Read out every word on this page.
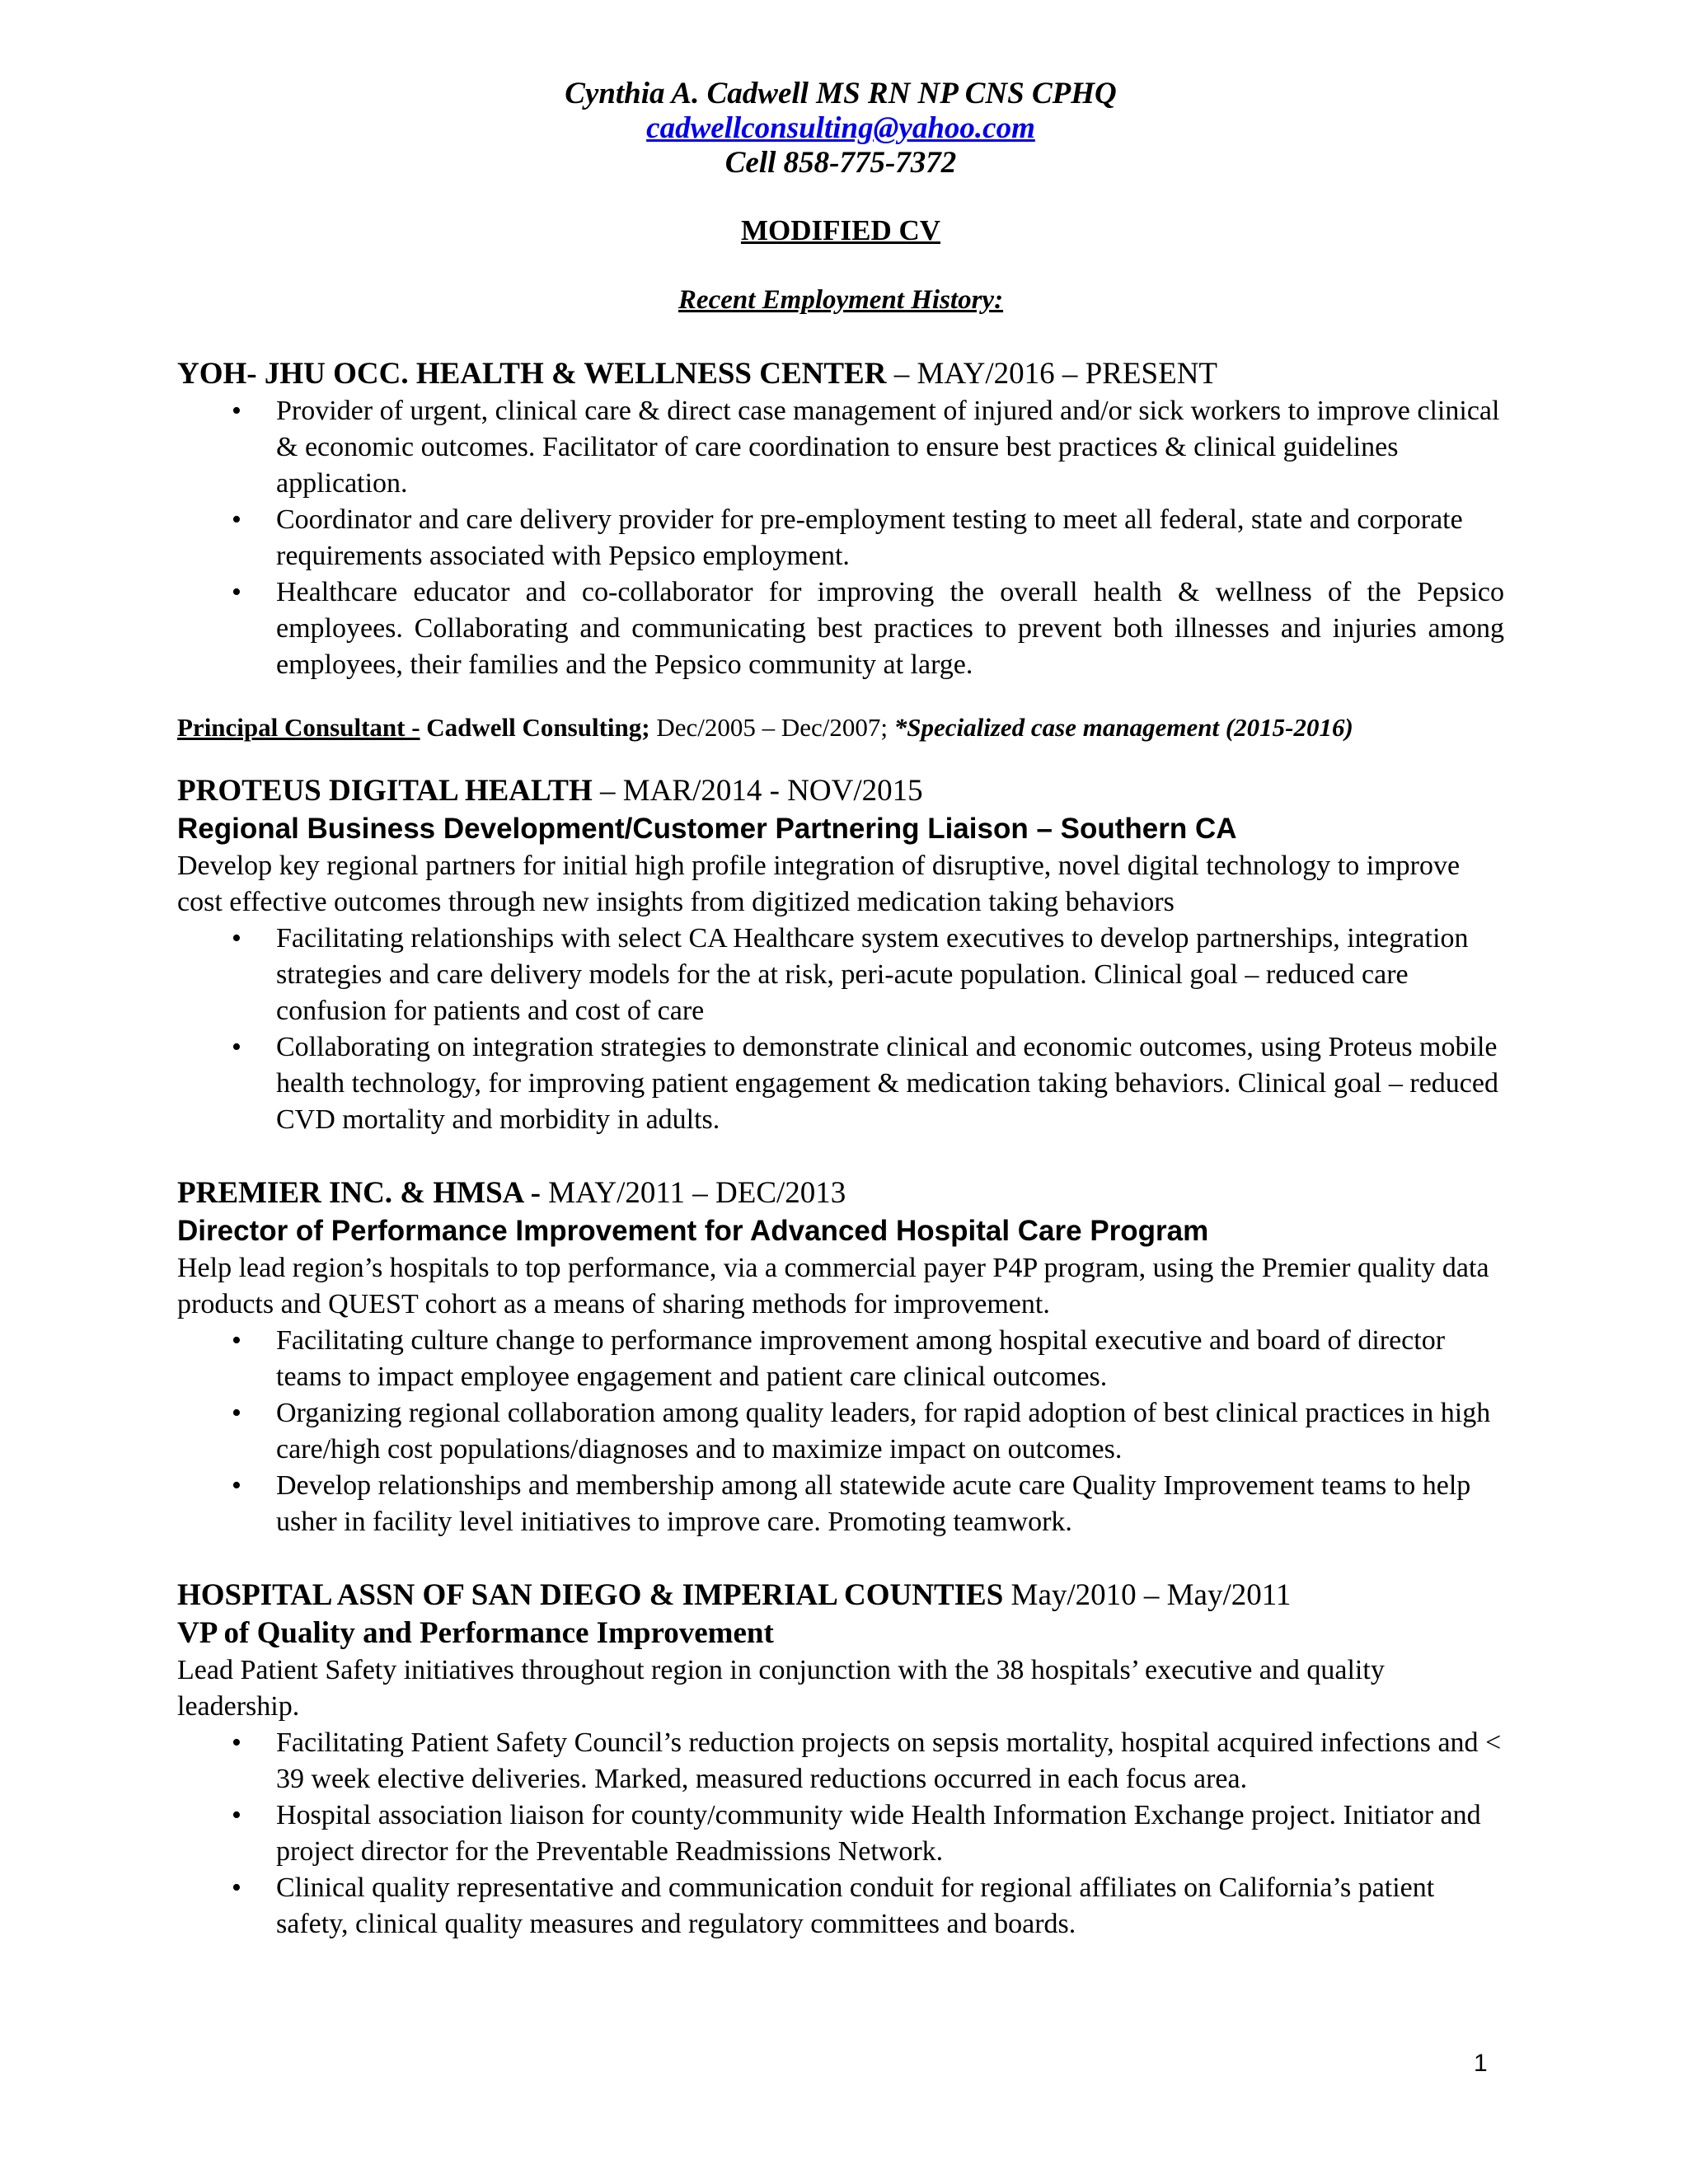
Cynthia A. Cadwell MS RN NP CNS CPHQ
cadwellconsulting@yahoo.com
Cell 858-775-7372
MODIFIED CV
Recent Employment History:
YOH- JHU OCC. HEALTH & WELLNESS CENTER – MAY/2016 – PRESENT
• Provider of urgent, clinical care & direct case management of injured and/or sick workers to improve clinical & economic outcomes. Facilitator of care coordination to ensure best practices & clinical guidelines application.
• Coordinator and care delivery provider for pre-employment testing to meet all federal, state and corporate requirements associated with Pepsico employment.
• Healthcare educator and co-collaborator for improving the overall health & wellness of the Pepsico employees. Collaborating and communicating best practices to prevent both illnesses and injuries among employees, their families and the Pepsico community at large.
Principal Consultant - Cadwell Consulting; Dec/2005 – Dec/2007; *Specialized case management (2015-2016)
PROTEUS DIGITAL HEALTH – MAR/2014 - NOV/2015
Regional Business Development/Customer Partnering Liaison – Southern CA
Develop key regional partners for initial high profile integration of disruptive, novel digital technology to improve cost effective outcomes through new insights from digitized medication taking behaviors
• Facilitating relationships with select CA Healthcare system executives to develop partnerships, integration strategies and care delivery models for the at risk, peri-acute population. Clinical goal – reduced care confusion for patients and cost of care
• Collaborating on integration strategies to demonstrate clinical and economic outcomes, using Proteus mobile health technology, for improving patient engagement & medication taking behaviors. Clinical goal – reduced CVD mortality and morbidity in adults.
PREMIER INC. & HMSA - MAY/2011 – DEC/2013
Director of Performance Improvement for Advanced Hospital Care Program
Help lead region’s hospitals to top performance, via a commercial payer P4P program, using the Premier quality data products and QUEST cohort as a means of sharing methods for improvement.
• Facilitating culture change to performance improvement among hospital executive and board of director teams to impact employee engagement and patient care clinical outcomes.
• Organizing regional collaboration among quality leaders, for rapid adoption of best clinical practices in high care/high cost populations/diagnoses and to maximize impact on outcomes.
• Develop relationships and membership among all statewide acute care Quality Improvement teams to help usher in facility level initiatives to improve care. Promoting teamwork.
HOSPITAL ASSN OF SAN DIEGO & IMPERIAL COUNTIES May/2010 – May/2011
VP of Quality and Performance Improvement
Lead Patient Safety initiatives throughout region in conjunction with the 38 hospitals’ executive and quality leadership.
• Facilitating Patient Safety Council’s reduction projects on sepsis mortality, hospital acquired infections and < 39 week elective deliveries. Marked, measured reductions occurred in each focus area.
• Hospital association liaison for county/community wide Health Information Exchange project. Initiator and project director for the Preventable Readmissions Network.
• Clinical quality representative and communication conduit for regional affiliates on California’s patient safety, clinical quality measures and regulatory committees and boards.
1
